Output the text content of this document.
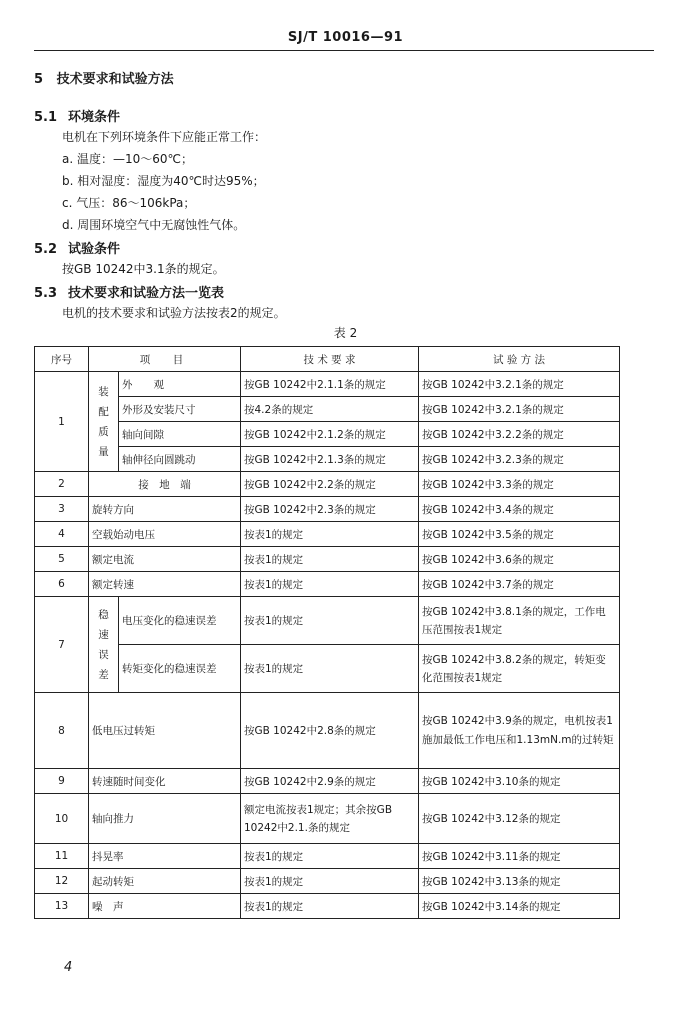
SJ/T 10016—91
5 技术要求和试验方法
5.1 环境条件
电机在下列环境条件下应能正常工作：
a. 温度：—10～60℃；
b. 相对湿度：湿度为40℃时达95%；
c. 气压：86～106kPa；
d. 周围环境空气中无腐蚀性气体。
5.2 试验条件
按GB 10242中3.1条的规定。
5.3 技术要求和试验方法一览表
电机的技术要求和试验方法按表2的规定。
表 2
序号	项　目		技 术 要 求	试 验 方 法
1	装配质量	外　　观	按GB 10242中2.1.1条的规定	按GB 10242中3.2.1条的规定
		外形及安装尺寸	按4.2条的规定	按GB 10242中3.2.1条的规定
		轴向间隙	按GB 10242中2.1.2条的规定	按GB 10242中3.2.2条的规定
		轴伸径向圆跳动	按GB 10242中2.1.3条的规定	按GB 10242中3.2.3条的规定
2	接　地　端		按GB 10242中2.2条的规定	按GB 10242中3.3条的规定
3	旋转方向		按GB 10242中2.3条的规定	按GB 10242中3.4条的规定
4	空载始动电压		按表1的规定	按GB 10242中3.5条的规定
5	额定电流		按表1的规定	按GB 10242中3.6条的规定
6	额定转速		按表1的规定	按GB 10242中3.7条的规定
7	稳速误差	电压变化的稳速误差	按表1的规定	按GB 10242中3.8.1条的规定，工作电压范围按表1规定
		转矩变化的稳速误差	按表1的规定	按GB 10242中3.8.2条的规定，转矩变化范围按表1规定
8	低电压过转矩		按GB 10242中2.8条的规定	按GB 10242中3.9条的规定，电机按表1施加最低工作电压和1.13mN.m的过转矩
9	转速随时间变化		按GB 10242中2.9条的规定	按GB 10242中3.10条的规定
10	轴向推力		额定电流按表1规定；其余按GB 10242中2.1.条的规定	按GB 10242中3.12条的规定
11	抖晃率		按表1的规定	按GB 10242中3.11条的规定
12	起动转矩		按表1的规定	按GB 10242中3.13条的规定
13	噪　声		按表1的规定	按GB 10242中3.14条的规定
4
